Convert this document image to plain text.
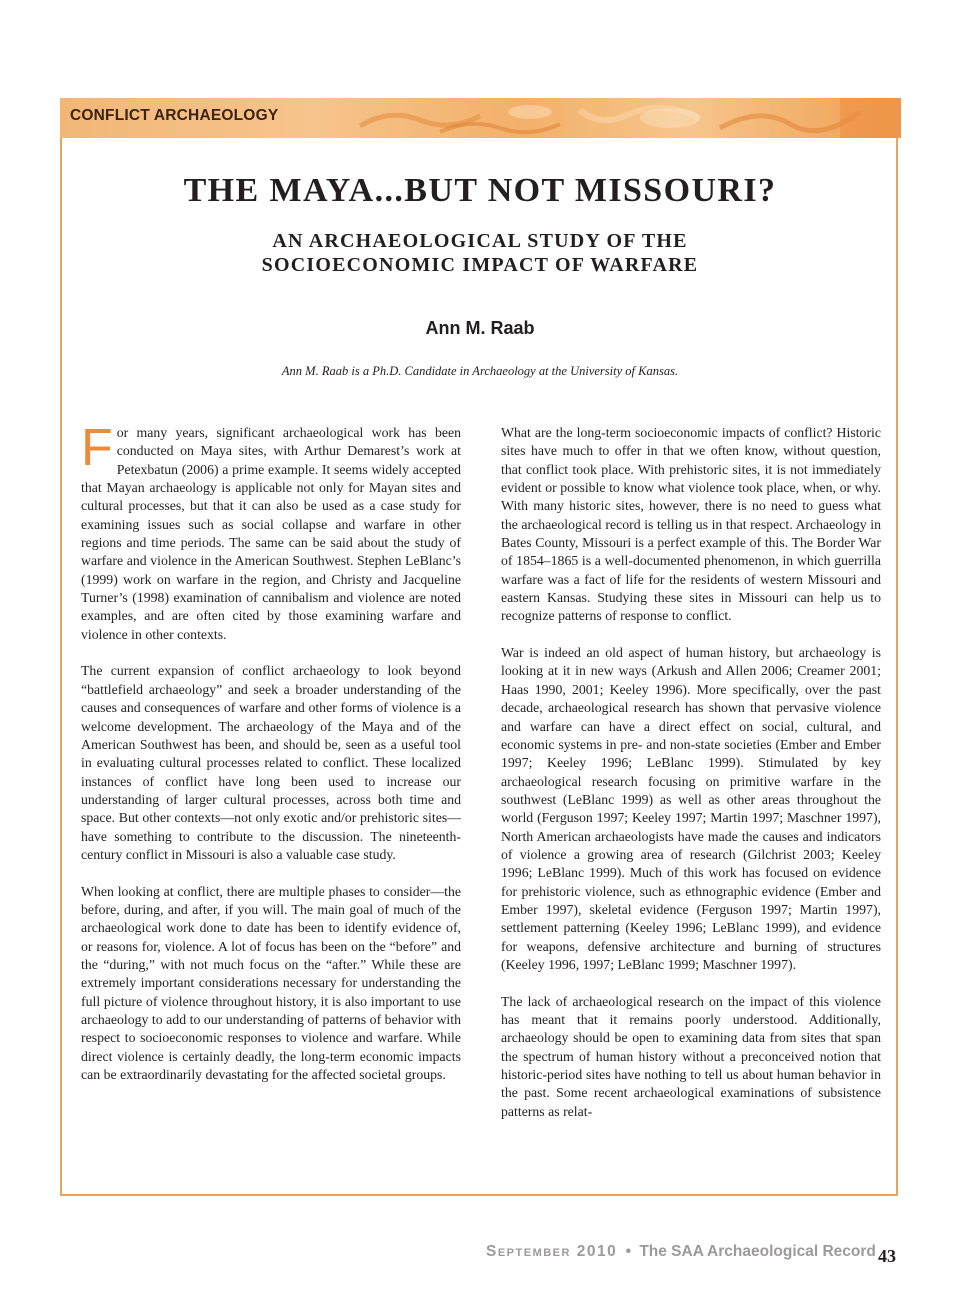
CONFLICT ARCHAEOLOGY
THE MAYA...BUT NOT MISSOURI?
AN ARCHAEOLOGICAL STUDY OF THE
SOCIOECONOMIC IMPACT OF WARFARE
Ann M. Raab
Ann M. Raab is a Ph.D. Candidate in Archaeology at the University of Kansas.

For many years, significant archaeological work has been conducted on Maya sites, with Arthur Demarest’s work at Petexbatun (2006) a prime example. It seems widely accepted that Mayan archaeology is applicable not only for Mayan sites and cultural processes, but that it can also be used as a case study for examining issues such as social collapse and warfare in other regions and time periods. The same can be said about the study of warfare and violence in the American Southwest. Stephen LeBlanc’s (1999) work on warfare in the region, and Christy and Jacqueline Turner’s (1998) examination of cannibalism and violence are noted examples, and are often cited by those examining warfare and violence in other contexts.

The current expansion of conflict archaeology to look beyond “battlefield archaeology” and seek a broader understanding of the causes and consequences of warfare and other forms of violence is a welcome development. The archaeology of the Maya and of the American Southwest has been, and should be, seen as a useful tool in evaluating cultural processes related to conflict. These localized instances of conflict have long been used to increase our understanding of larger cultural processes, across both time and space. But other contexts—not only exotic and/or prehistoric sites—have something to contribute to the discussion. The nineteenth-century conflict in Missouri is also a valuable case study.

When looking at conflict, there are multiple phases to consider—the before, during, and after, if you will. The main goal of much of the archaeological work done to date has been to identify evidence of, or reasons for, violence. A lot of focus has been on the “before” and the “during,” with not much focus on the “after.” While these are extremely important considerations necessary for understanding the full picture of violence throughout history, it is also important to use archaeology to add to our understanding of patterns of behavior with respect to socioeconomic responses to violence and warfare. While direct violence is certainly deadly, the long-term economic impacts can be extraordinarily devastating for the affected societal groups.

What are the long-term socioeconomic impacts of conflict? Historic sites have much to offer in that we often know, without question, that conflict took place. With prehistoric sites, it is not immediately evident or possible to know what violence took place, when, or why. With many historic sites, however, there is no need to guess what the archaeological record is telling us in that respect. Archaeology in Bates County, Missouri is a perfect example of this. The Border War of 1854–1865 is a well-documented phenomenon, in which guerrilla warfare was a fact of life for the residents of western Missouri and eastern Kansas. Studying these sites in Missouri can help us to recognize patterns of response to conflict.

War is indeed an old aspect of human history, but archaeology is looking at it in new ways (Arkush and Allen 2006; Creamer 2001; Haas 1990, 2001; Keeley 1996). More specifically, over the past decade, archaeological research has shown that pervasive violence and warfare can have a direct effect on social, cultural, and economic systems in pre- and non-state societies (Ember and Ember 1997; Keeley 1996; LeBlanc 1999). Stimulated by key archaeological research focusing on primitive warfare in the southwest (LeBlanc 1999) as well as other areas throughout the world (Ferguson 1997; Keeley 1997; Martin 1997; Maschner 1997), North American archaeologists have made the causes and indicators of violence a growing area of research (Gilchrist 2003; Keeley 1996; LeBlanc 1999). Much of this work has focused on evidence for prehistoric violence, such as ethnographic evidence (Ember and Ember 1997), skeletal evidence (Ferguson 1997; Martin 1997), settlement patterning (Keeley 1996; LeBlanc 1999), and evidence for weapons, defensive architecture and burning of structures (Keeley 1996, 1997; LeBlanc 1999; Maschner 1997).

The lack of archaeological research on the impact of this violence has meant that it remains poorly understood. Additionally, archaeology should be open to examining data from sites that span the spectrum of human history without a preconceived notion that historic-period sites have nothing to tell us about human behavior in the past. Some recent archaeological examinations of subsistence patterns as relat-

September 2010 • The SAA Archaeological Record 43
